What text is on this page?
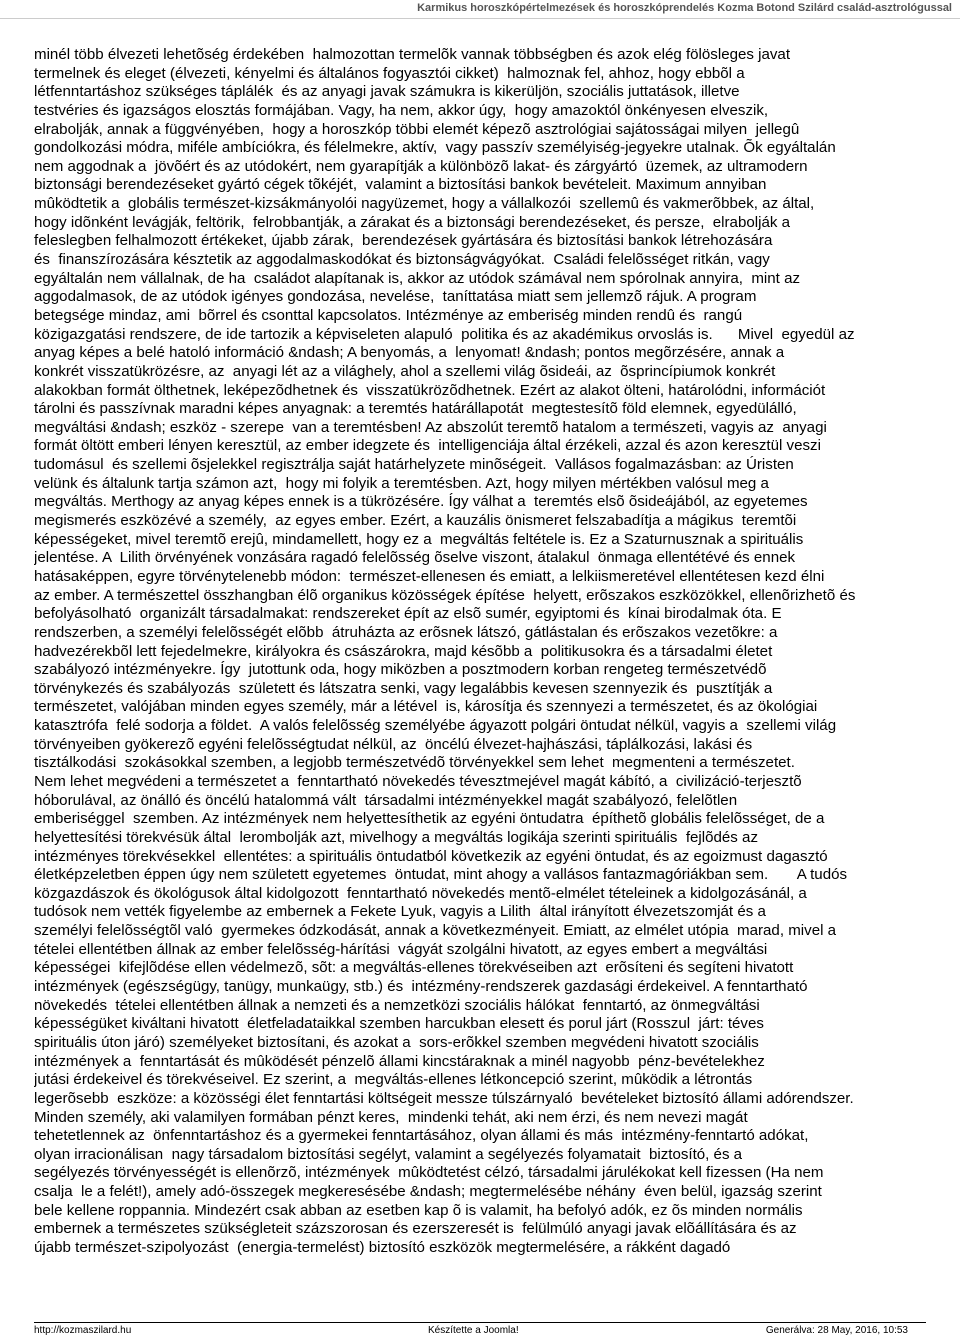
Karmikus horoszkópértelmezések és horoszkóprendelés Kozma Botond Szilárd család-asztrológussal
minél több élvezeti lehetõség érdekében  halmozottan termelõk vannak többségben és azok elég fölösleges javat
termelnek és eleget (élvezeti, kényelmi és általános fogyasztói cikket)  halmoznak fel, ahhoz, hogy ebbõl a
létfenntartáshoz szükséges táplálék  és az anyagi javak számukra is kikerüljön, szociális juttatások, illetve
testvéries és igazságos elosztás formájában. Vagy, ha nem, akkor úgy,  hogy amazoktól önkényesen elveszik,
elrabolják, annak a függvényében,  hogy a horoszkóp többi elemét képezõ asztrológiai sajátosságai milyen  jellegû
gondolkozási módra, miféle ambíciókra, és félelmekre, aktív,  vagy passzív személyiség-jegyekre utalnak. Õk egyáltalán
nem aggodnak a  jövõért és az utódokért, nem gyarapítják a különbözõ lakat- és zárgyártó  üzemek, az ultramodern
biztonsági berendezéseket gyártó cégek tõkéjét,  valamint a biztosítási bankok bevételeit. Maximum annyiban
mûködtetik a  globális természet-kizsákmányolói nagyüzemet, hogy a vállalkozói  szellemû és vakmerõbbek, az által,
hogy idõnként levágják, feltörik,  felrobbantják, a zárakat és a biztonsági berendezéseket, és persze,  elrabolják a
feleslegben felhalmozott értékeket, újabb zárak,  berendezések gyártására és biztosítási bankok létrehozására
és  finanszírozására késztetik az aggodalmaskodókat és biztonságvágyókat.  Családi felelõsséget ritkán, vagy
egyáltalán nem vállalnak, de ha  családot alapítanak is, akkor az utódok számával nem spórolnak annyira,  mint az
aggodalmasok, de az utódok igényes gondozása, nevelése,  taníttatása miatt sem jellemzõ rájuk. A program
betegsége mindaz, ami  bõrrel és csonttal kapcsolatos. Intézménye az emberiség minden rendû és  rangú
közigazgatási rendszere, de ide tartozik a képviseleten alapuló  politika és az akadémikus orvoslás is.      Mivel  egyedül az
anyag képes a belé hatoló információ &ndash; A benyomás, a  lenyomat! &ndash; pontos megõrzésére, annak a
konkrét visszatükrözésre, az  anyagi lét az a világhely, ahol a szellemi világ õsideái, az  õsprincípiumok konkrét
alakokban formát ölthetnek, leképezõdhetnek és  visszatükrözõdhetnek. Ezért az alakot ölteni, határolódni, információt
tárolni és passzívnak maradni képes anyagnak: a teremtés határállapotát  megtestesítõ föld elemnek, egyedülálló,
megváltási &ndash; eszköz - szerepe  van a teremtésben! Az abszolút teremtõ hatalom a természeti, vagyis az  anyagi
formát öltött emberi lényen keresztül, az ember idegzete és  intelligenciája által érzékeli, azzal és azon keresztül veszi
tudomásul  és szellemi õsjelekkel regisztrálja saját határhelyzete minõségeit.  Vallásos fogalmazásban: az Úristen
velünk és általunk tartja számon azt,  hogy mi folyik a teremtésben. Azt, hogy milyen mértékben valósul meg a
megváltás. Merthogy az anyag képes ennek is a tükrözésére. Így válhat a  teremtés elsõ õsideájából, az egyetemes
megismerés eszközévé a személy,  az egyes ember. Ezért, a kauzális önismeret felszabadítja a mágikus  teremtõi
képességeket, mivel teremtõ erejû, mindamellett, hogy ez a  megváltás feltétele is. Ez a Szaturnusznak a spirituális
jelentése. A  Lilith örvényének vonzására ragadó felelõsség õselve viszont, átalakul  önmaga ellentétévé és ennek
hatásaképpen, egyre törvénytelenebb módon:  természet-ellenesen és emiatt, a lelkiismeretével ellentétesen kezd élni
az ember. A természettel összhangban élõ organikus közösségek építése  helyett, erõszakos eszközökkel, ellenõrizhetõ és
befolyásolható  organizált társadalmakat: rendszereket épít az elsõ sumér, egyiptomi és  kínai birodalmak óta. E
rendszerben, a személyi felelõsségét elõbb  átruházta az erõsnek látszó, gátlástalan és erõszakos vezetõkre: a
hadvezérekbõl lett fejedelmekre, királyokra és császárokra, majd késõbb a  politikusokra és a társadalmi életet
szabályozó intézményekre. Így  jutottunk oda, hogy miközben a posztmodern korban rengeteg természetvédõ
törvénykezés és szabályozás  született és látszatra senki, vagy legalábbis kevesen szennyezik és  pusztítják a
természetet, valójában minden egyes személy, már a létével  is, károsítja és szennyezi a természetet, és az ökológiai
katasztrófa  felé sodorja a földet.  A valós felelõsség személyébe ágyazott polgári öntudat nélkül, vagyis a  szellemi világ
törvényeiben gyökerezõ egyéni felelõsségtudat nélkül, az  öncélú élvezet-hajhászási, táplálkozási, lakási és
tisztálkodási  szokásokkal szemben, a legjobb természetvédõ törvényekkel sem lehet  megmenteni a természetet.
Nem lehet megvédeni a természetet a  fenntartható növekedés tévesztmejével magát kábító, a  civilizáció-terjesztõ
hóborulával, az önálló és öncélú hatalommá vált  társadalmi intézményekkel magát szabályozó, felelõtlen
emberiséggel  szemben. Az intézmények nem helyettesíthetik az egyéni öntudatra  építhetõ globális felelõsséget, de a
helyettesítési törekvésük által  lerombolják azt, mivelhogy a megváltás logikája szerinti spirituális  fejlõdés az
intézményes törekvésekkel  ellentétes: a spirituális öntudatból következik az egyéni öntudat, és az egoizmust dagasztó
életképzeletben éppen úgy nem született egyetemes  öntudat, mint ahogy a vallásos fantazmagóriákban sem.       A tudós
közgazdászok és ökológusok által kidolgozott  fenntartható növekedés mentõ-elmélet tételeinek a kidolgozásánál, a
tudósok nem vették figyelembe az embernek a Fekete Lyuk, vagyis a Lilith  által irányított élvezetszomját és a
személyi felelõsségtõl való  gyermekes ódzkodását, annak a következményeit. Emiatt, az elmélet utópia  marad, mivel a
tételei ellentétben állnak az ember felelõsség-hárítási  vágyát szolgálni hivatott, az egyes embert a megváltási
képességei  kifejlõdése ellen védelmezõ, sõt: a megváltás-ellenes törekvéseiben azt  erõsíteni és segíteni hivatott
intézmények (egészségügy, tanügy, munkaügy, stb.) és  intézmény-rendszerek gazdasági érdekeivel. A fenntartható
növekedés  tételei ellentétben állnak a nemzeti és a nemzetközi szociális hálókat  fenntartó, az önmegváltási
képességüket kiváltani hivatott  életfeladataikkal szemben harcukban elesett és porul járt (Rosszul  járt: téves
spirituális úton járó) személyeket biztosítani, és azokat a  sors-erõkkel szemben megvédeni hivatott szociális
intézmények a  fenntartását és mûködését pénzelõ állami kincstáraknak a minél nagyobb  pénz-bevételekhez
jutási érdekeivel és törekvéseivel. Ez szerint, a  megváltás-ellenes létkoncepció szerint, mûködik a létrontás
legerõsebb  eszköze: a közösségi élet fenntartási költségeit messze túlszárnyaló  bevételeket biztosító állami adórendszer.
Minden személy, aki valamilyen formában pénzt keres,  mindenki tehát, aki nem érzi, és nem nevezi magát
tehetetlennek az  önfenntartáshoz és a gyermekei fenntartásához, olyan állami és más  intézmény-fenntartó adókat,
olyan irracionálisan  nagy társadalom biztosítási segélyt, valamint a segélyezés folyamatait  biztosító, és a
segélyezés törvényességét is ellenõrzõ, intézmények  mûködtetést célzó, társadalmi járulékokat kell fizessen (Ha nem
csalja  le a felét!), amely adó-összegek megkeresésébe &ndash; megtermelésébe néhány  éven belül, igazság szerint
bele kellene roppannia. Mindezért csak abban az esetben kap õ is valamit, ha befolyó adók, ez õs minden normális
embernek a természetes szükségleteit százszorosan és ezerszeresét is  felülmúló anyagi javak elõállítására és az
újabb természet-szipolyozást  (energia-termelést) biztosító eszközök megtermelésére, a rákként dagadó
http://kozmaszilard.hu	Készítette a Joomla!	Generálva: 28 May, 2016, 10:53
